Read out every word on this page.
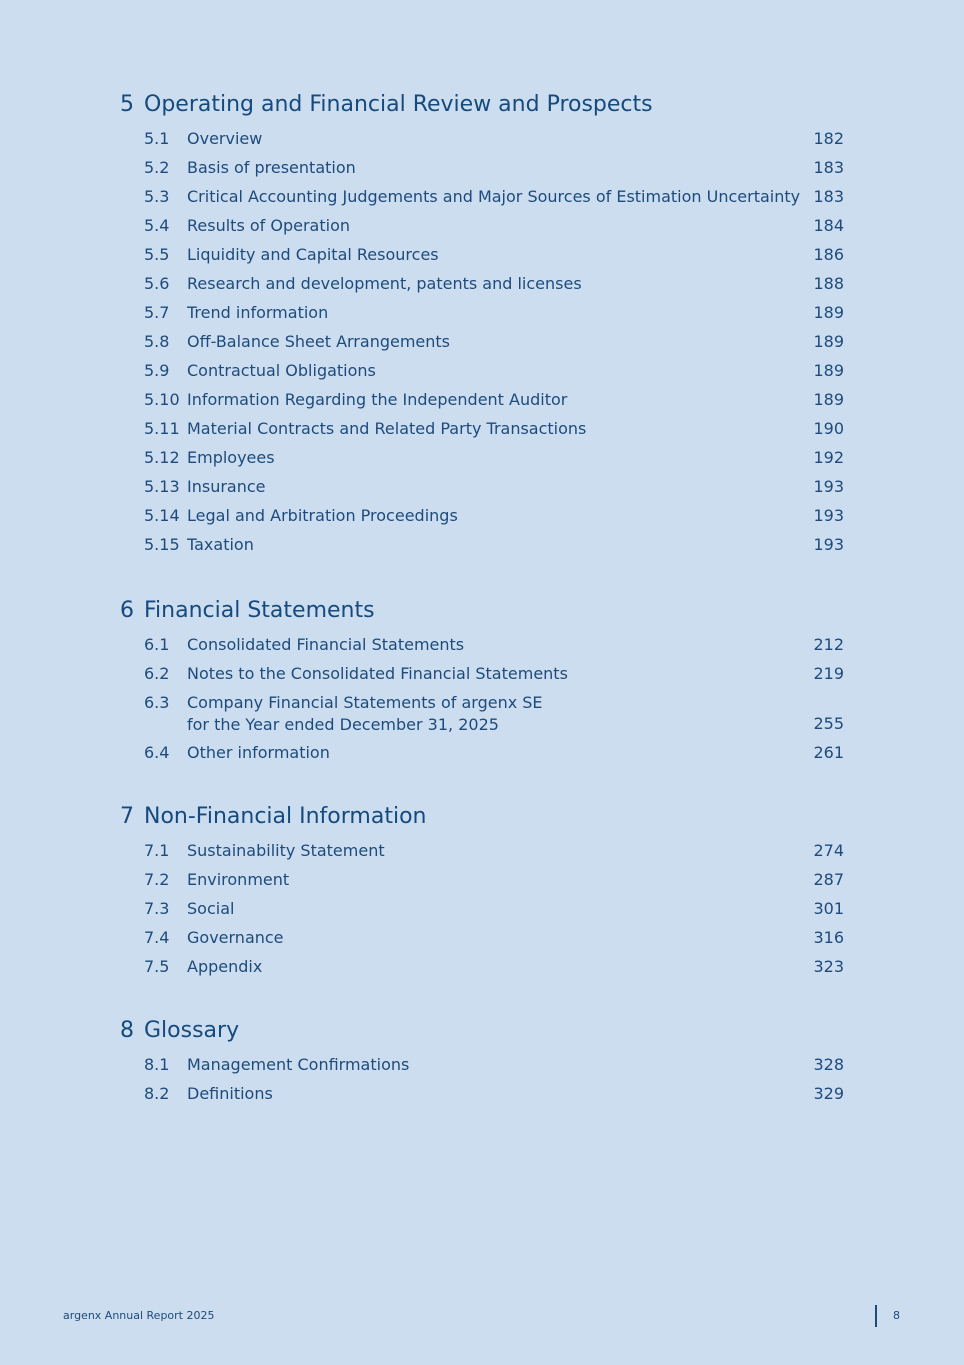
5 Operating and Financial Review and Prospects
5.1	Overview	182
5.2	Basis of presentation	183
5.3	Critical Accounting Judgements and Major Sources of Estimation Uncertainty 183
5.4	Results of Operation	184
5.5	Liquidity and Capital Resources	186
5.6	Research and development, patents and licenses	188
5.7	Trend information	189
5.8	Off-Balance Sheet Arrangements	189
5.9	Contractual Obligations	189
5.10 Information Regarding the Independent Auditor	189
5.11 Material Contracts and Related Party Transactions	190
5.12 Employees	192
5.13 Insurance	193
5.14 Legal and Arbitration Proceedings	193
5.15 Taxation	193
6 Financial Statements
6.1	Consolidated Financial Statements	212
6.2	Notes to the Consolidated Financial Statements	219
6.3	Company Financial Statements of argenx SE
for the Year ended December 31, 2025	255
6.4	Other information	261
7 Non-Financial Information
7.1	Sustainability Statement	274
7.2	Environment	287
7.3	Social	301
7.4	Governance	316
7.5	Appendix	323
8 Glossary
8.1	Management Confirmations	328
8.2	Definitions	329
argenx Annual Report 2025	8
